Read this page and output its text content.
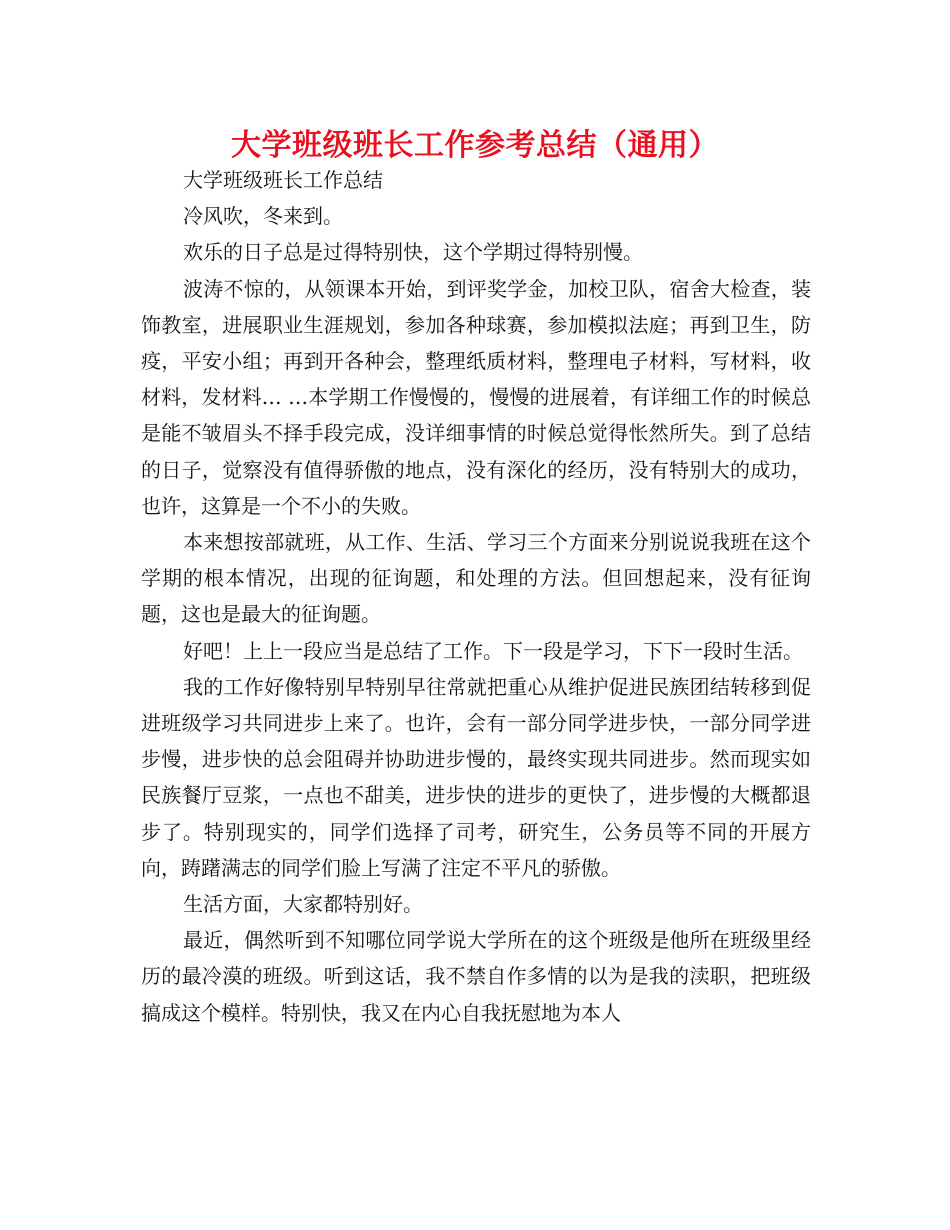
大学班级班长工作参考总结（通用）

大学班级班长工作总结

冷风吹，冬来到。

欢乐的日子总是过得特别快，这个学期过得特别慢。

波涛不惊的，从领课本开始，到评奖学金，加校卫队，宿舍大检查，装饰教室，进展职业生涯规划，参加各种球赛，参加模拟法庭；再到卫生，防疫，平安小组；再到开各种会，整理纸质材料，整理电子材料，写材料，收材料，发材料… …本学期工作慢慢的，慢慢的进展着，有详细工作的时候总是能不皱眉头不择手段完成，没详细事情的时候总觉得怅然所失。到了总结的日子，觉察没有值得骄傲的地点，没有深化的经历，没有特别大的成功，也许，这算是一个不小的失败。

本来想按部就班，从工作、生活、学习三个方面来分别说说我班在这个学期的根本情况，出现的征询题，和处理的方法。但回想起来，没有征询题，这也是最大的征询题。

好吧！上上一段应当是总结了工作。下一段是学习，下下一段时生活。

我的工作好像特别早特别早往常就把重心从维护促进民族团结转移到促进班级学习共同进步上来了。也许，会有一部分同学进步快，一部分同学进步慢，进步快的总会阻碍并协助进步慢的，最终实现共同进步。然而现实如民族餐厅豆浆，一点也不甜美，进步快的进步的更快了，进步慢的大概都退步了。特别现实的，同学们选择了司考，研究生，公务员等不同的开展方向，踌躇满志的同学们脸上写满了注定不平凡的骄傲。

生活方面，大家都特别好。

最近，偶然听到不知哪位同学说大学所在的这个班级是他所在班级里经历的最冷漠的班级。听到这话，我不禁自作多情的以为是我的渎职，把班级搞成这个模样。特别快，我又在内心自我抚慰地为本人
